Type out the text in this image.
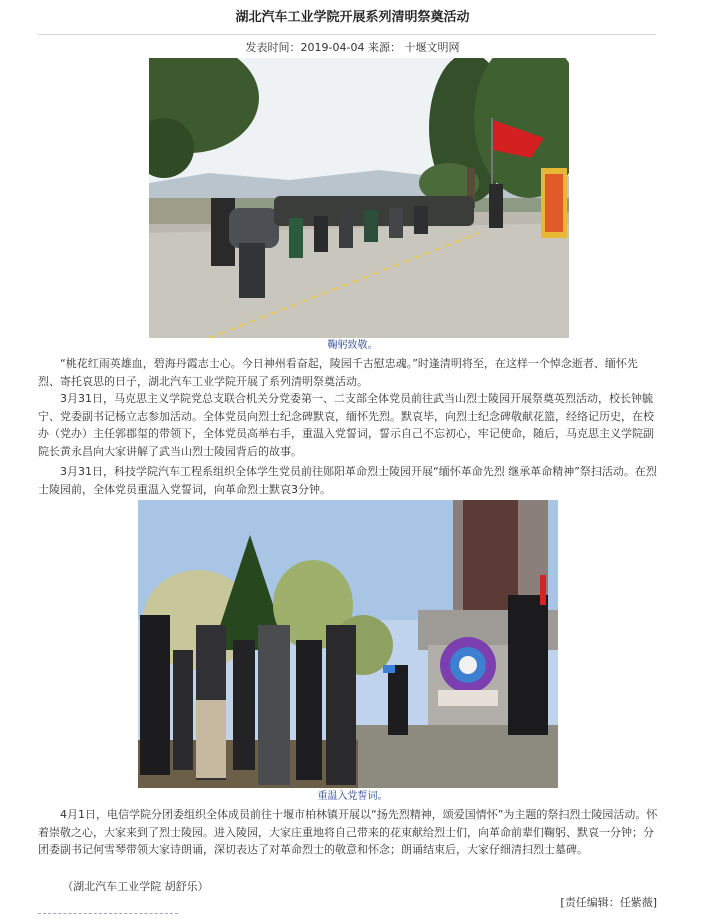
湖北汽车工业学院开展系列清明祭奠活动
发表时间：2019-04-04 来源： 十堰文明网
鞠躬致敬。

“桃花红雨英雄血，碧海丹霞志士心。今日神州看奋起，陵园千古慰忠魂。”时逢清明将至，在这样一个悼念逝者、缅怀先烈、寄托哀思的日子，湖北汽车工业学院开展了系列清明祭奠活动。

3月31日，马克思主义学院党总支联合机关分党委第一、二支部全体党员前往武当山烈士陵园开展祭奠英烈活动，校长钟毓宁、党委副书记杨立志参加活动。全体党员向烈士纪念碑默哀，缅怀先烈。默哀毕，向烈士纪念碑敬献花篮，经络记历史，在校办（党办）主任郭郡玺的带领下，全体党员高举右手，重温入党誓词，誓示自己不忘初心，牢记使命，随后，马克思主义学院副院长黄永昌向大家讲解了武当山烈士陵园背后的故事。

3月31日，科技学院汽车工程系组织全体学生党员前往郧阳革命烈士陵园开展“缅怀革命先烈 继承革命精神”祭扫活动。在烈士陵园前，全体党员重温入党誓词，向革命烈士默哀3分钟。

重温入党誓词。

4月1日，电信学院分团委组织全体成员前往十堰市柏林镇开展以“扬先烈精神，颂爱国情怀”为主题的祭扫烈士陵园活动。怀着崇敬之心，大家来到了烈士陵园。进入陵园，大家庄重地将自己带来的花束献给烈士们，向革命前辈们鞠躬、默哀一分钟；分团委副书记何雪琴带领大家诗朗诵，深切表达了对革命烈士的敬意和怀念；朗诵结束后，大家仔细清扫烈士墓碑。

（湖北汽车工业学院 胡舒乐）

[责任编辑：任紫薇]
